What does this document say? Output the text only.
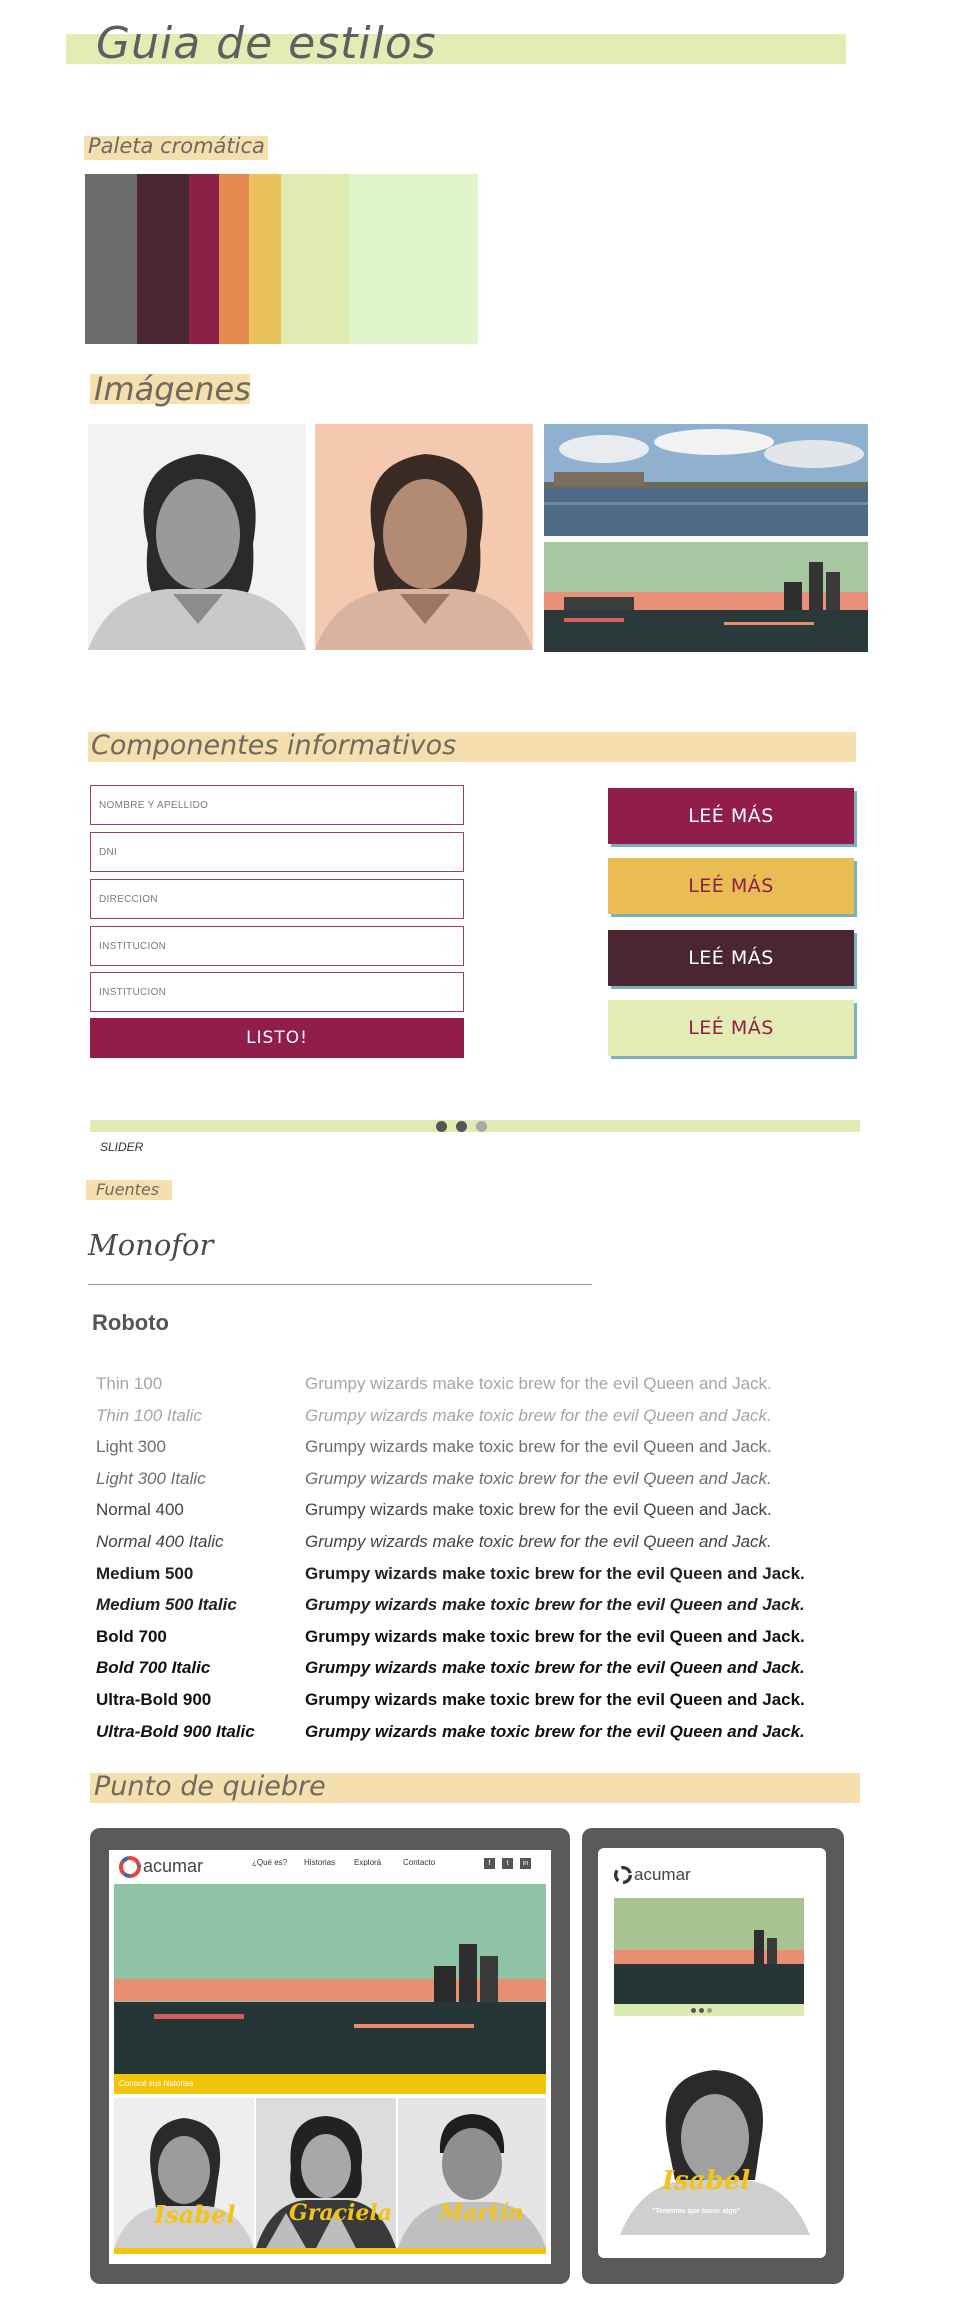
Guia de estilos
Paleta cromática
Imágenes
Componentes informativos
NOMBRE Y APELLIDO
DNI
DIRECCIÓN
INSTITUCIÓN
INSTITUCIÓN
LISTO!
LEÉ MÁS
LEÉ MÁS
LEÉ MÁS
LEÉ MÁS
SLIDER
Fuentes
Monofor
Roboto
Thin 100	Grumpy wizards make toxic brew for the evil Queen and Jack.
Thin 100 Italic	Grumpy wizards make toxic brew for the evil Queen and Jack.
Light 300	Grumpy wizards make toxic brew for the evil Queen and Jack.
Light 300 Italic	Grumpy wizards make toxic brew for the evil Queen and Jack.
Normal 400	Grumpy wizards make toxic brew for the evil Queen and Jack.
Normal 400 Italic	Grumpy wizards make toxic brew for the evil Queen and Jack.
Medium 500	Grumpy wizards make toxic brew for the evil Queen and Jack.
Medium 500 Italic	Grumpy wizards make toxic brew for the evil Queen and Jack.
Bold 700	Grumpy wizards make toxic brew for the evil Queen and Jack.
Bold 700 Italic	Grumpy wizards make toxic brew for the evil Queen and Jack.
Ultra-Bold 900	Grumpy wizards make toxic brew for the evil Queen and Jack.
Ultra-Bold 900 Italic	Grumpy wizards make toxic brew for the evil Queen and Jack.
Punto de quiebre
acumar	¿Qué es? Historias Explorá	Contacto	f	t	in
Conocé sus historias
Isabel Graciela Martín
acumar
Isabel
"Tenemos que hacer algo"
